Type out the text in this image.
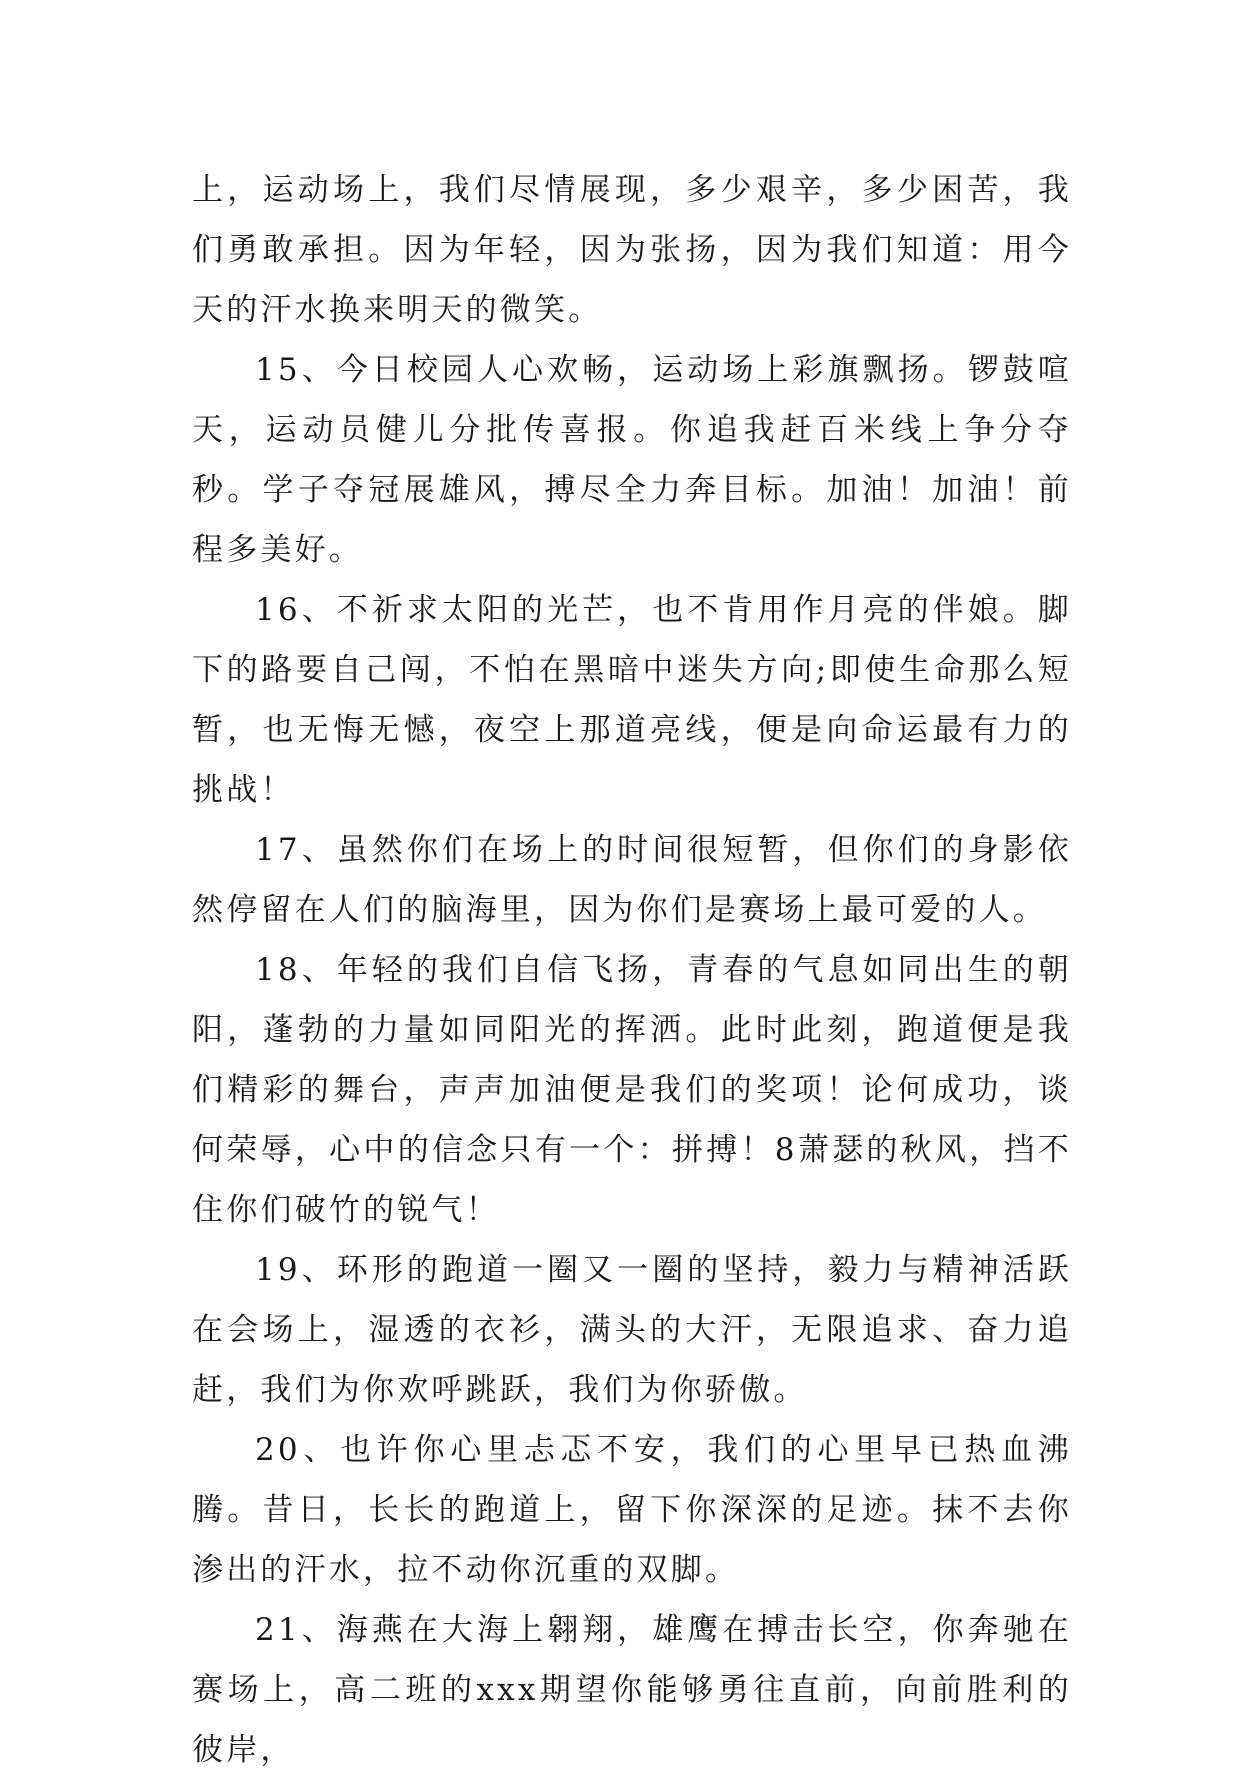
上，运动场上，我们尽情展现，多少艰辛，多少困苦，我们勇敢承担。因为年轻，因为张扬，因为我们知道：用今天的汗水换来明天的微笑。

15、今日校园人心欢畅，运动场上彩旗飘扬。锣鼓喧天，运动员健儿分批传喜报。你追我赶百米线上争分夺秒。学子夺冠展雄风，搏尽全力奔目标。加油！加油！前程多美好。

16、不祈求太阳的光芒，也不肯用作月亮的伴娘。脚下的路要自己闯，不怕在黑暗中迷失方向;即使生命那么短暂，也无悔无憾，夜空上那道亮线，便是向命运最有力的挑战！

17、虽然你们在场上的时间很短暂，但你们的身影依然停留在人们的脑海里，因为你们是赛场上最可爱的人。

18、年轻的我们自信飞扬，青春的气息如同出生的朝阳，蓬勃的力量如同阳光的挥洒。此时此刻，跑道便是我们精彩的舞台，声声加油便是我们的奖项！论何成功，谈何荣辱，心中的信念只有一个：拼搏！8萧瑟的秋风，挡不住你们破竹的锐气！

19、环形的跑道一圈又一圈的坚持，毅力与精神活跃在会场上，湿透的衣衫，满头的大汗，无限追求、奋力追赶，我们为你欢呼跳跃，我们为你骄傲。

20、也许你心里忐忑不安，我们的心里早已热血沸腾。昔日，长长的跑道上，留下你深深的足迹。抹不去你渗出的汗水，拉不动你沉重的双脚。

21、海燕在大海上翱翔，雄鹰在搏击长空，你奔驰在赛场上，高二班的xxx期望你能够勇往直前，向前胜利的彼岸，
